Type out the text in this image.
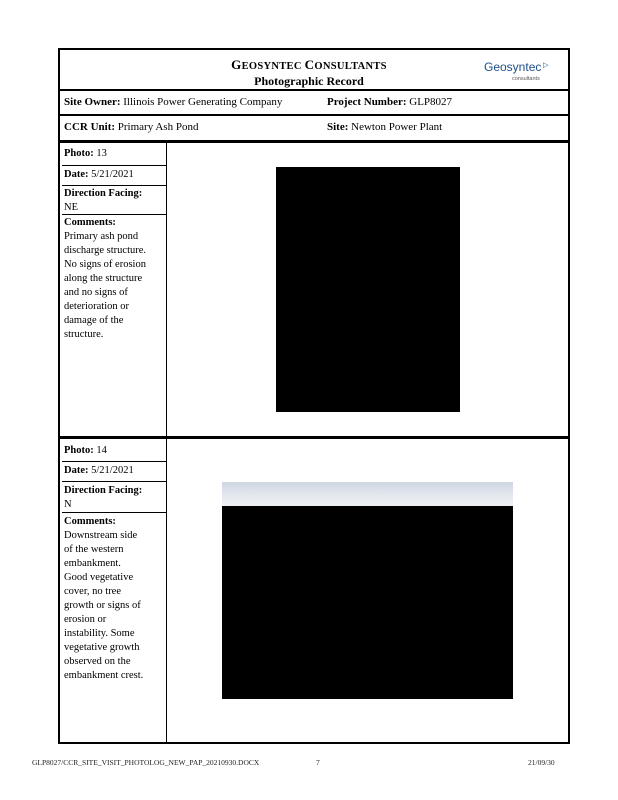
GEOSYNTEC CONSULTANTS
Photographic Record
Geosyntec ▷
consultants
Site Owner: Illinois Power Generating Company	Project Number: GLP8027
CCR Unit: Primary Ash Pond	Site: Newton Power Plant
Photo: 13
Date: 5/21/2021
Direction Facing:
NE
Comments:
Primary ash pond
discharge structure.
No signs of erosion
along the structure
and no signs of
deterioration or
damage of the
structure.
Photo: 14
Date: 5/21/2021
Direction Facing:
N
Comments:
Downstream side
of the western
embankment.
Good vegetative
cover, no tree
growth or signs of
erosion or
instability. Some
vegetative growth
observed on the
embankment crest.
GLP8027/CCR_SITE_VISIT_PHOTOLOG_NEW_PAP_20210930.DOCX	7	21/09/30
